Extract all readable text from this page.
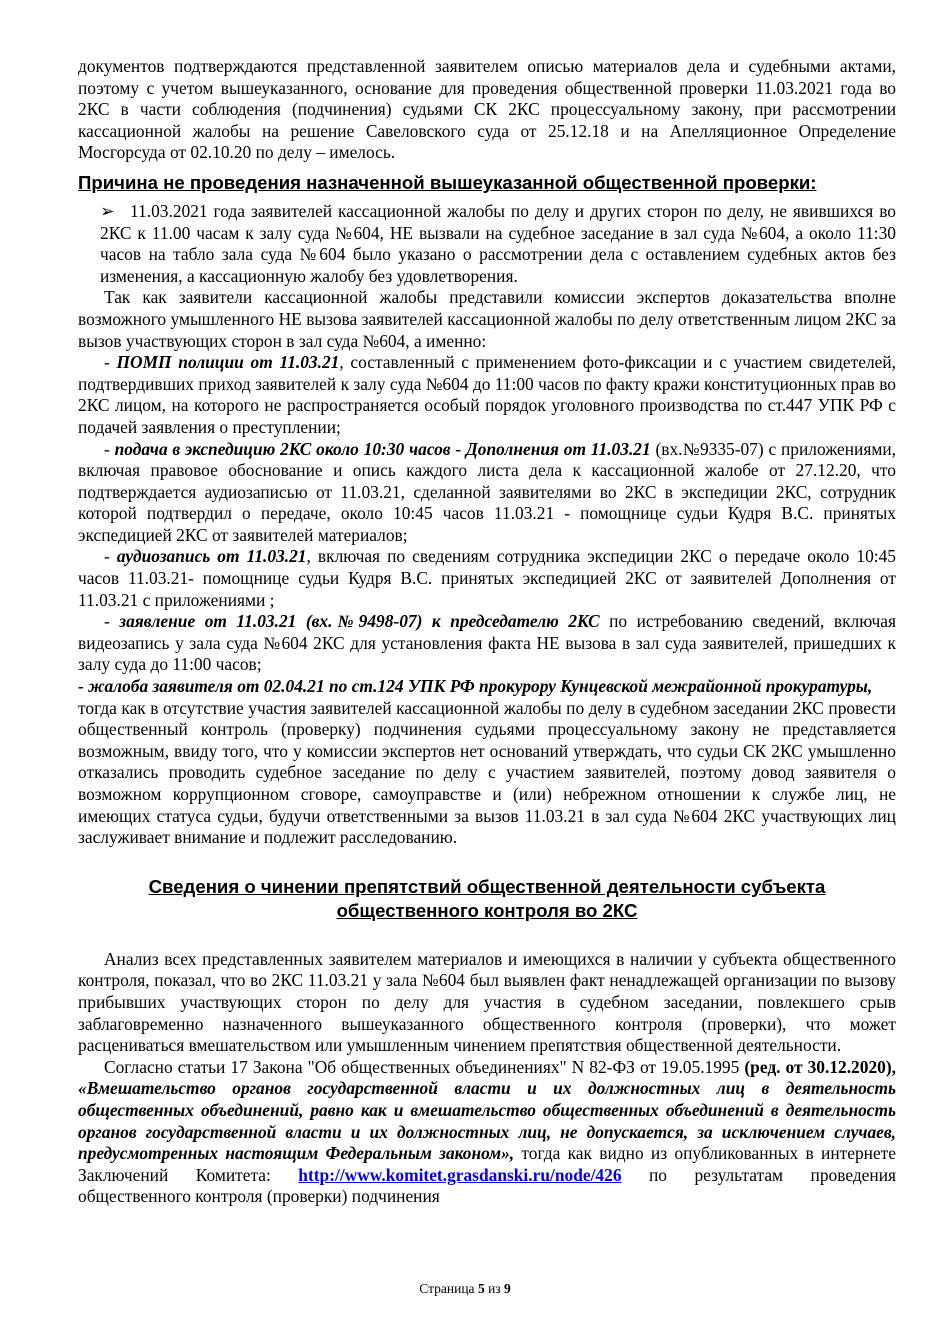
документов подтверждаются представленной заявителем описью материалов дела и судебными актами, поэтому с учетом вышеуказанного, основание для проведения общественной проверки 11.03.2021 года во 2КС в части соблюдения (подчинения) судьями СК 2КС процессуальному закону, при рассмотрении кассационной жалобы на решение Савеловского суда от 25.12.18 и на Апелляционное Определение Мосгорсуда от 02.10.20 по делу – имелось.

Причина не проведения назначенной вышеуказанной общественной проверки:

➢ 11.03.2021 года заявителей кассационной жалобы по делу и других сторон по делу, не явившихся во 2КС к 11.00 часам к залу суда №604, НЕ вызвали на судебное заседание в зал суда №604, а около 11:30 часов на табло зала суда №604 было указано о рассмотрении дела с оставлением судебных актов без изменения, а кассационную жалобу без удовлетворения.

Так как заявители кассационной жалобы представили комиссии экспертов доказательства вполне возможного умышленного НЕ вызова заявителей кассационной жалобы по делу ответственным лицом 2КС за вызов участвующих сторон в зал суда №604, а именно:

- ПОМП полиции от 11.03.21, составленный с применением фото-фиксации и с участием свидетелей, подтвердивших приход заявителей к залу суда №604 до 11:00 часов по факту кражи конституционных прав во 2КС лицом, на которого не распространяется особый порядок уголовного производства по ст.447 УПК РФ с подачей заявления о преступлении;

- подача в экспедицию 2КС около 10:30 часов - Дополнения от 11.03.21 (вх.№9335-07) с приложениями, включая правовое обоснование и опись каждого листа дела к кассационной жалобе от 27.12.20, что подтверждается аудиозаписью от 11.03.21, сделанной заявителями во 2КС в экспедиции 2КС, сотрудник которой подтвердил о передаче, около 10:45 часов 11.03.21 - помощнице судьи Кудря В.С. принятых экспедицией 2КС от заявителей материалов;

- аудиозапись от 11.03.21, включая по сведениям сотрудника экспедиции 2КС о передаче около 10:45 часов 11.03.21- помощнице судьи Кудря В.С. принятых экспедицией 2КС от заявителей Дополнения от 11.03.21 с приложениями ;

- заявление от 11.03.21 (вх.№9498-07) к председателю 2КС по истребованию сведений, включая видеозапись у зала суда №604 2КС для установления факта НЕ вызова в зал суда заявителей, пришедших к залу суда до 11:00 часов;

- жалоба заявителя от 02.04.21 по ст.124 УПК РФ прокурору Кунцевской межрайонной прокуратуры,

тогда как в отсутствие участия заявителей кассационной жалобы по делу в судебном заседании 2КС провести общественный контроль (проверку) подчинения судьями процессуальному закону не представляется возможным, ввиду того, что у комиссии экспертов нет оснований утверждать, что судьи СК 2КС умышленно отказались проводить судебное заседание по делу с участием заявителей, поэтому довод заявителя о возможном коррупционном сговоре, самоуправстве и (или) небрежном отношении к службе лиц, не имеющих статуса судьи, будучи ответственными за вызов 11.03.21 в зал суда №604 2КС участвующих лиц заслуживает внимание и подлежит расследованию.

Сведения о чинении препятствий общественной деятельности субъекта
общественного контроля во 2КС

Анализ всех представленных заявителем материалов и имеющихся в наличии у субъекта общественного контроля, показал, что во 2КС 11.03.21 у зала №604 был выявлен факт ненадлежащей организации по вызову прибывших участвующих сторон по делу для участия в судебном заседании, повлекшего срыв заблаговременно назначенного вышеуказанного общественного контроля (проверки), что может расцениваться вмешательством или умышленным чинением препятствия общественной деятельности.

Согласно статьи 17 Закона "Об общественных объединениях" N 82-ФЗ от 19.05.1995 (ред. от 30.12.2020), «Вмешательство органов государственной власти и их должностных лиц в деятельность общественных объединений, равно как и вмешательство общественных объединений в деятельность органов государственной власти и их должностных лиц, не допускается, за исключением случаев, предусмотренных настоящим Федеральным законом», тогда как видно из опубликованных в интернете Заключений Комитета: http://www.komitet.grasdanski.ru/node/426 по результатам проведения общественного контроля (проверки) подчинения

Страница 5 из 9
